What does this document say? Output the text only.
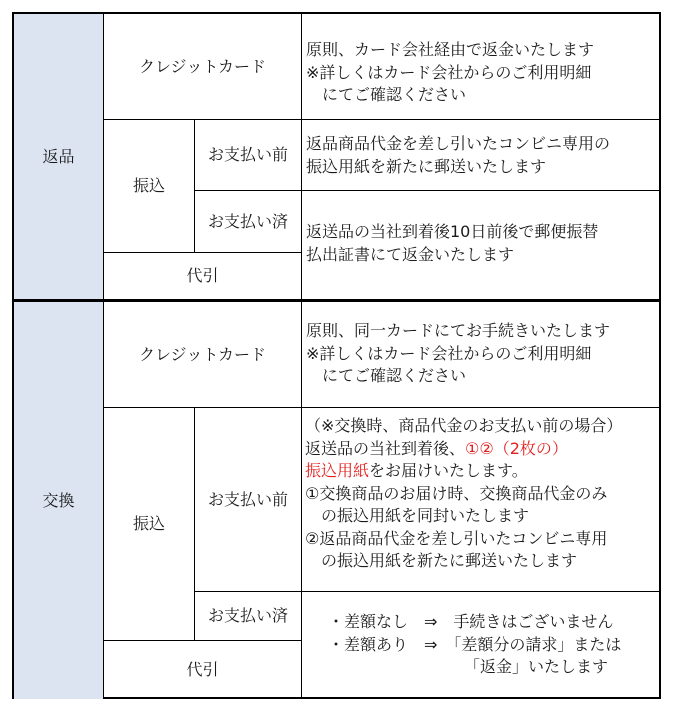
返品
交換
クレジットカード
原則、カード会社経由で返金いたします
※詳しくはカード会社からのご利用明細
　にてご確認ください
振込
お支払い前
返品商品代金を差し引いたコンビニ専用の
振込用紙を新たに郵送いたします
お支払い済
代引
返送品の当社到着後10日前後で郵便振替
払出証書にて返金いたします
クレジットカード
原則、同一カードにてお手続きいたします
※詳しくはカード会社からのご利用明細
　にてご確認ください
振込
お支払い前
（※交換時、商品代金のお支払い前の場合）
返送品の当社到着後、①②（2枚の）
振込用紙をお届けいたします。
①交換商品のお届け時、交換商品代金のみ
　の振込用紙を同封いたします
②返品商品代金を差し引いたコンビニ専用
　の振込用紙を新たに郵送いたします
お支払い済
代引
・差額なし　⇒　手続きはございません
・差額あり　⇒　「差額分の請求」または
　　　　　　　　　「返金」いたします
